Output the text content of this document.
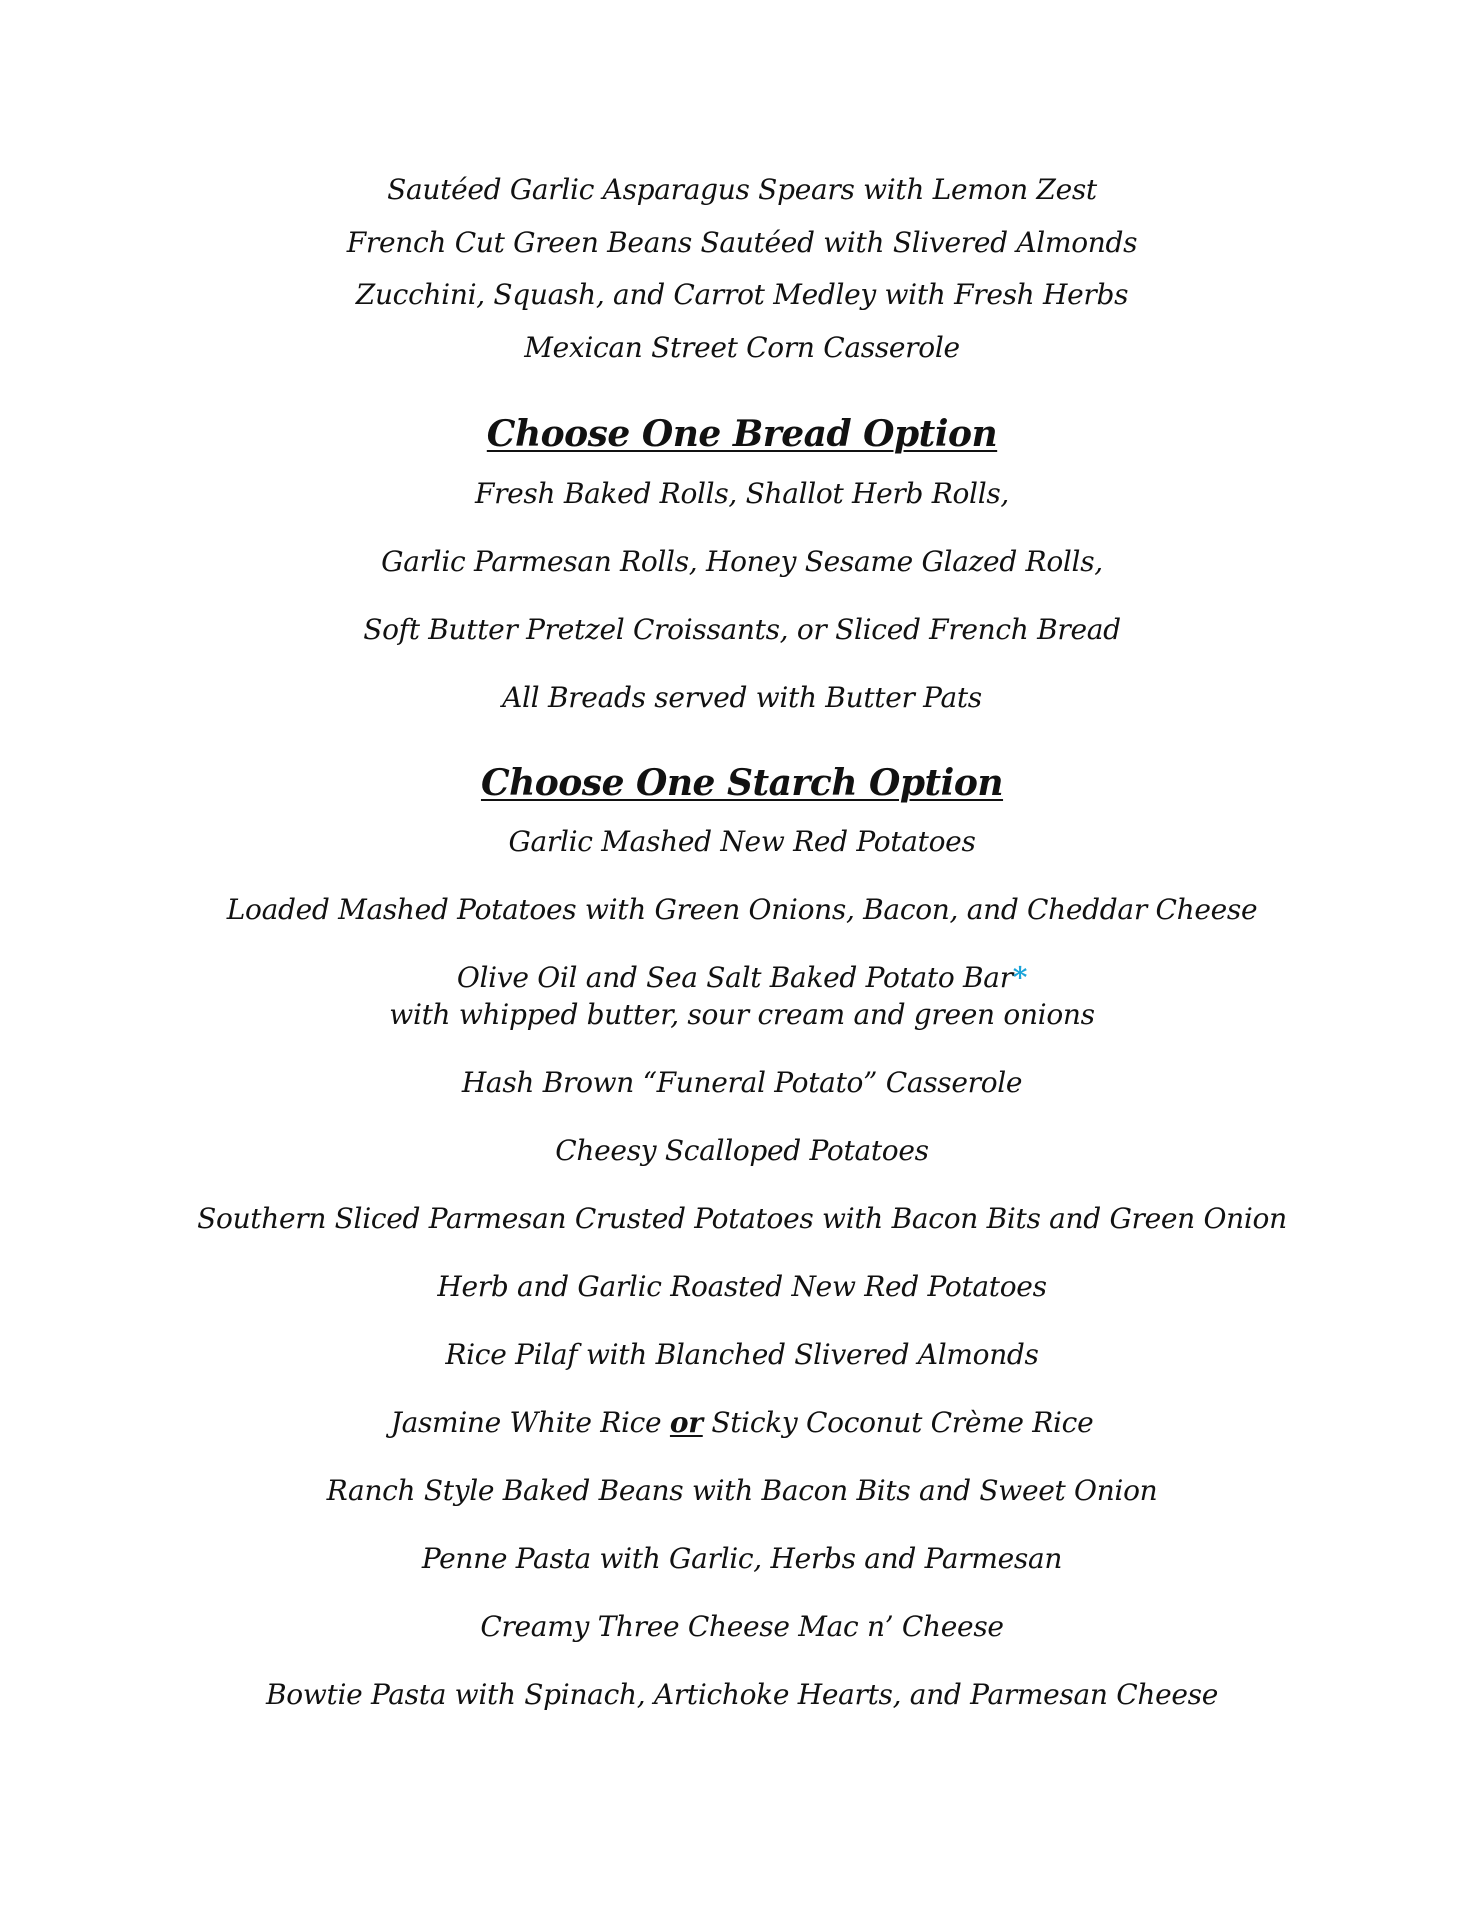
Sautéed Garlic Asparagus Spears with Lemon Zest
French Cut Green Beans Sautéed with Slivered Almonds
Zucchini, Squash, and Carrot Medley with Fresh Herbs
Mexican Street Corn Casserole
Choose One Bread Option
Fresh Baked Rolls, Shallot Herb Rolls,
Garlic Parmesan Rolls, Honey Sesame Glazed Rolls,
Soft Butter Pretzel Croissants, or Sliced French Bread
All Breads served with Butter Pats
Choose One Starch Option
Garlic Mashed New Red Potatoes
Loaded Mashed Potatoes with Green Onions, Bacon, and Cheddar Cheese
Olive Oil and Sea Salt Baked Potato Bar*
with whipped butter, sour cream and green onions
Hash Brown “Funeral Potato” Casserole
Cheesy Scalloped Potatoes
Southern Sliced Parmesan Crusted Potatoes with Bacon Bits and Green Onion
Herb and Garlic Roasted New Red Potatoes
Rice Pilaf with Blanched Slivered Almonds
Jasmine White Rice or Sticky Coconut Crème Rice
Ranch Style Baked Beans with Bacon Bits and Sweet Onion
Penne Pasta with Garlic, Herbs and Parmesan
Creamy Three Cheese Mac n’ Cheese
Bowtie Pasta with Spinach, Artichoke Hearts, and Parmesan Cheese
